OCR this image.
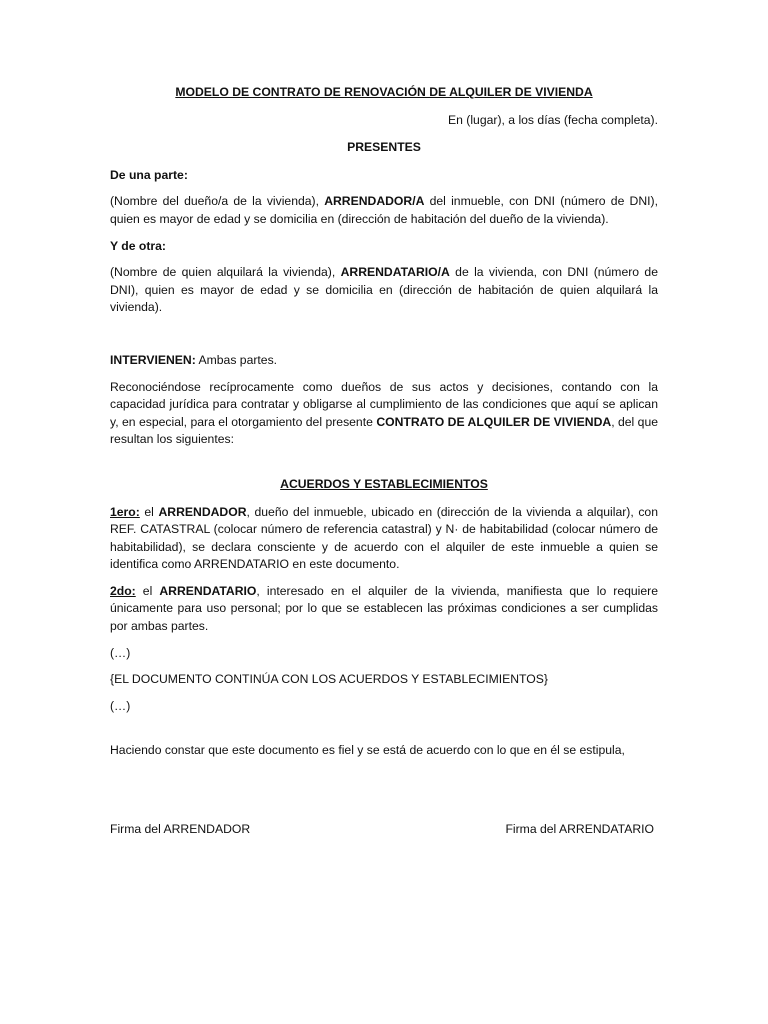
MODELO DE CONTRATO DE RENOVACIÓN DE ALQUILER DE VIVIENDA
En (lugar), a los días (fecha completa).
PRESENTES
De una parte:

(Nombre del dueño/a de la vivienda), ARRENDADOR/A del inmueble, con DNI (número de DNI), quien es mayor de edad y se domicilia en (dirección de habitación del dueño de la vivienda).

Y de otra:

(Nombre de quien alquilará la vivienda), ARRENDATARIO/A de la vivienda, con DNI (número de DNI), quien es mayor de edad y se domicilia en (dirección de habitación de quien alquilará la vivienda).

INTERVIENEN: Ambas partes.

Reconociéndose recíprocamente como dueños de sus actos y decisiones, contando con la capacidad jurídica para contratar y obligarse al cumplimiento de las condiciones que aquí se aplican y, en especial, para el otorgamiento del presente CONTRATO DE ALQUILER DE VIVIENDA, del que resultan los siguientes:

ACUERDOS Y ESTABLECIMIENTOS

1ero: el ARRENDADOR, dueño del inmueble, ubicado en (dirección de la vivienda a alquilar), con REF. CATASTRAL (colocar número de referencia catastral) y N· de habitabilidad (colocar número de habitabilidad), se declara consciente y de acuerdo con el alquiler de este inmueble a quien se identifica como ARRENDATARIO en este documento.

2do: el ARRENDATARIO, interesado en el alquiler de la vivienda, manifiesta que lo requiere únicamente para uso personal; por lo que se establecen las próximas condiciones a ser cumplidas por ambas partes.

(…)

{EL DOCUMENTO CONTINÚA CON LOS ACUERDOS Y ESTABLECIMIENTOS}

(…)

Haciendo constar que este documento es fiel y se está de acuerdo con lo que en él se estipula,

Firma del ARRENDADOR	Firma del ARRENDATARIO
